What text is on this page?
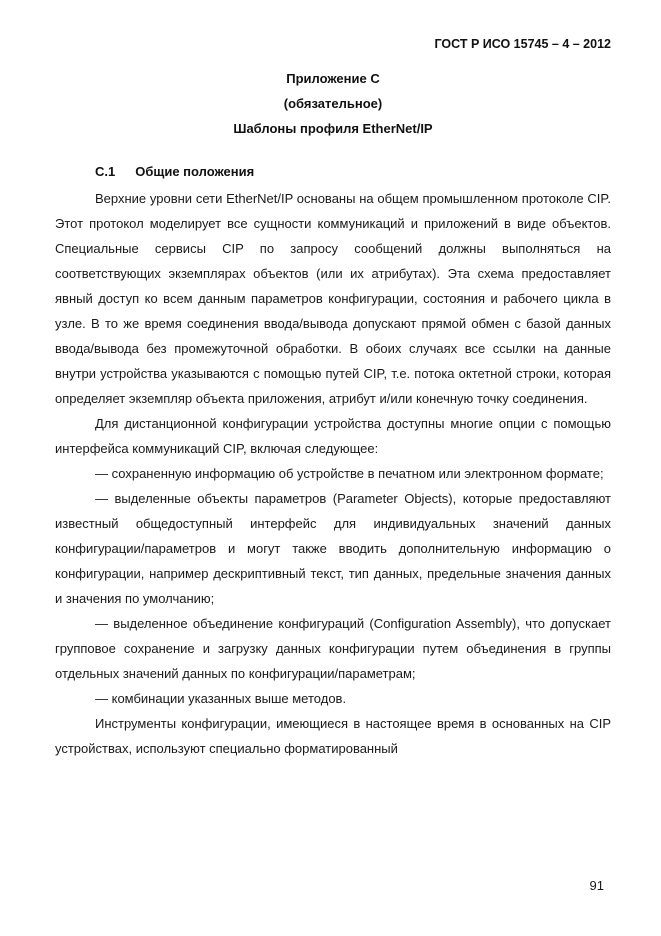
ГОСТ Р ИСО 15745 – 4 – 2012
Приложение С
(обязательное)
Шаблоны профиля EtherNet/IP
С.1 Общие положения

Верхние уровни сети EtherNet/IP основаны на общем промышленном протоколе CIP. Этот протокол моделирует все сущности коммуникаций и приложений в виде объектов. Специальные сервисы CIP по запросу сообщений должны выполняться на соответствующих экземплярах объектов (или их атрибутах). Эта схема предоставляет явный доступ ко всем данным параметров конфигурации, состояния и рабочего цикла в узле. В то же время соединения ввода/вывода допускают прямой обмен с базой данных ввода/вывода без промежуточной обработки. В обоих случаях все ссылки на данные внутри устройства указываются с помощью путей CIP, т.е. потока октетной строки, которая определяет экземпляр объекта приложения, атрибут и/или конечную точку соединения.

Для дистанционной конфигурации устройства доступны многие опции с помощью интерфейса коммуникаций CIP, включая следующее:

— сохраненную информацию об устройстве в печатном или электронном формате;

— выделенные объекты параметров (Parameter Objects), которые предоставляют известный общедоступный интерфейс для индивидуальных значений данных конфигурации/параметров и могут также вводить дополнительную информацию о конфигурации, например дескриптивный текст, тип данных, предельные значения данных и значения по умолчанию;

— выделенное объединение конфигураций (Configuration Assembly), что допускает групповое сохранение и загрузку данных конфигурации путем объединения в группы отдельных значений данных по конфигурации/параметрам;

— комбинации указанных выше методов.

Инструменты конфигурации, имеющиеся в настоящее время в основанных на CIP устройствах, используют специально форматированный

91
